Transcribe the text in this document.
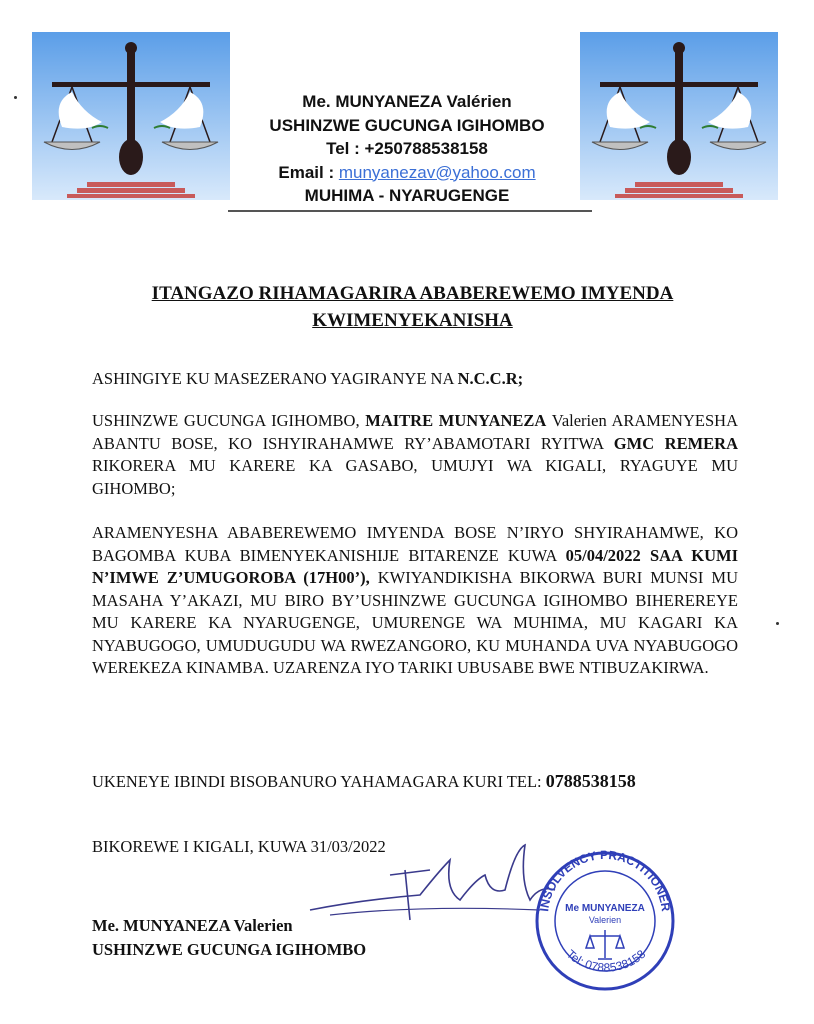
Me. MUNYANEZA Valérien
USHINZWE GUCUNGA IGIHOMBO
Tel : +250788538158
Email : munyanezav@yahoo.com
MUHIMA - NYARUGENGE
ITANGAZO RIHAMAGARIRA ABABEREWEMO IMYENDA
KWIMENYEKANISHA
ASHINGIYE KU MASEZERANO YAGIRANYE NA N.C.C.R;
USHINZWE GUCUNGA IGIHOMBO, MAITRE MUNYANEZA Valerien ARAMENYESHA ABANTU BOSE, KO ISHYIRAHAMWE RY’ABAMOTARI RYITWA GMC REMERA RIKORERA MU KARERE KA GASABO, UMUJYI WA KIGALI, RYAGUYE MU GIHOMBO;
ARAMENYESHA ABABEREWEMO IMYENDA BOSE N’IRYO SHYIRAHAMWE, KO BAGOMBA KUBA BIMENYEKANISHIJE BITARENZE KUWA 05/04/2022 SAA KUMI N’IMWE Z’UMUGOROBA (17H00’), KWIYANDIKISHA BIKORWA BURI MUNSI MU MASAHA Y’AKAZI, MU BIRO BY’USHINZWE GUCUNGA IGIHOMBO BIHEREREYE MU KARERE KA NYARUGENGE, UMURENGE WA MUHIMA, MU KAGARI KA NYABUGOGO, UMUDUGUDU WA RWEZANGORO, KU MUHANDA UVA NYABUGOGO WEREKEZA KINAMBA. UZARENZA IYO TARIKI UBUSABE BWE NTIBUZAKIRWA.
UKENEYE IBINDI BISOBANURO YAHAMAGARA KURI TEL: 0788538158
BIKOREWE I KIGALI, KUWA 31/03/2022
INSOLVENCY PRACTITIONER
Me MUNYANEZA
Valerien
Tel: 0788538158
Me. MUNYANEZA Valerien
USHINZWE GUCUNGA IGIHOMBO
